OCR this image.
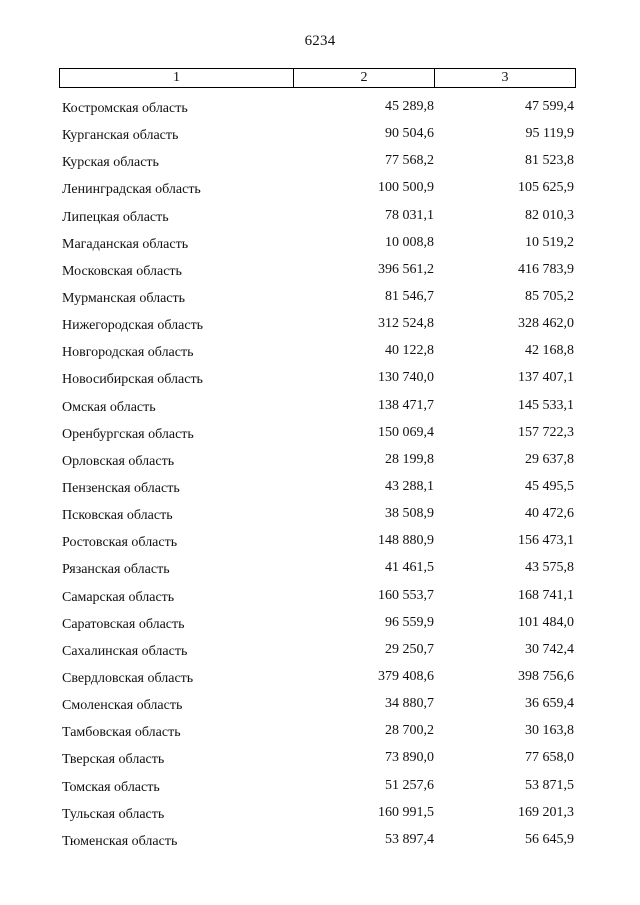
6234
1	2	3
Костромская область	45 289,8	47 599,4
Курганская область	90 504,6	95 119,9
Курская область	77 568,2	81 523,8
Ленинградская область	100 500,9	105 625,9
Липецкая область	78 031,1	82 010,3
Магаданская область	10 008,8	10 519,2
Московская область	396 561,2	416 783,9
Мурманская область	81 546,7	85 705,2
Нижегородская область	312 524,8	328 462,0
Новгородская область	40 122,8	42 168,8
Новосибирская область	130 740,0	137 407,1
Омская область	138 471,7	145 533,1
Оренбургская область	150 069,4	157 722,3
Орловская область	28 199,8	29 637,8
Пензенская область	43 288,1	45 495,5
Псковская область	38 508,9	40 472,6
Ростовская область	148 880,9	156 473,1
Рязанская область	41 461,5	43 575,8
Самарская область	160 553,7	168 741,1
Саратовская область	96 559,9	101 484,0
Сахалинская область	29 250,7	30 742,4
Свердловская область	379 408,6	398 756,6
Смоленская область	34 880,7	36 659,4
Тамбовская область	28 700,2	30 163,8
Тверская область	73 890,0	77 658,0
Томская область	51 257,6	53 871,5
Тульская область	160 991,5	169 201,3
Тюменская область	53 897,4	56 645,9
